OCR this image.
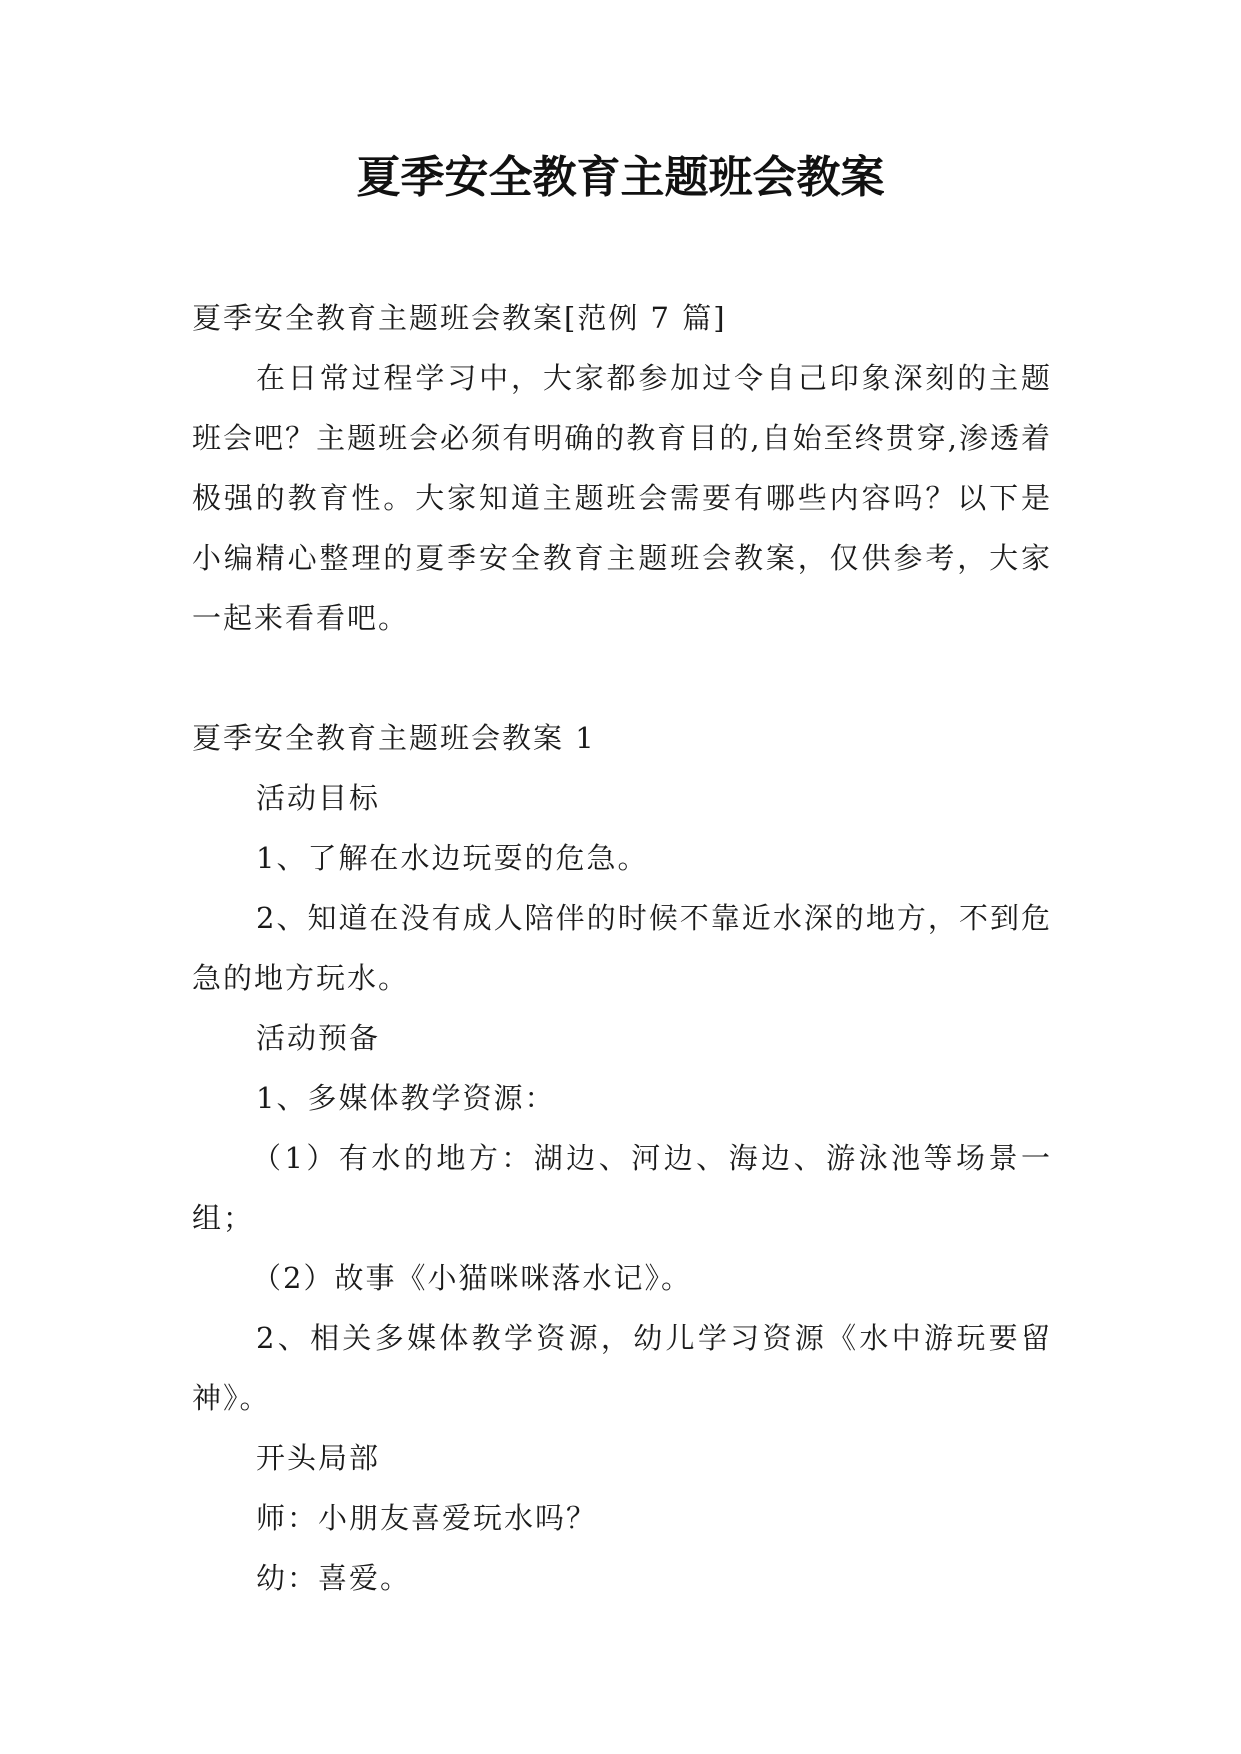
夏季安全教育主题班会教案

夏季安全教育主题班会教案[范例 7 篇]

在日常过程学习中，大家都参加过令自己印象深刻的主题班会吧？主题班会必须有明确的教育目的,自始至终贯穿,渗透着极强的教育性。大家知道主题班会需要有哪些内容吗？以下是小编精心整理的夏季安全教育主题班会教案，仅供参考，大家一起来看看吧。

夏季安全教育主题班会教案 1

活动目标

1、了解在水边玩耍的危急。

2、知道在没有成人陪伴的时候不靠近水深的地方，不到危急的地方玩水。

活动预备

1、多媒体教学资源：

（1）有水的地方：湖边、河边、海边、游泳池等场景一组；

（2）故事《小猫咪咪落水记》。

2、相关多媒体教学资源，幼儿学习资源《水中游玩要留神》。

开头局部

师：小朋友喜爱玩水吗？

幼：喜爱。
